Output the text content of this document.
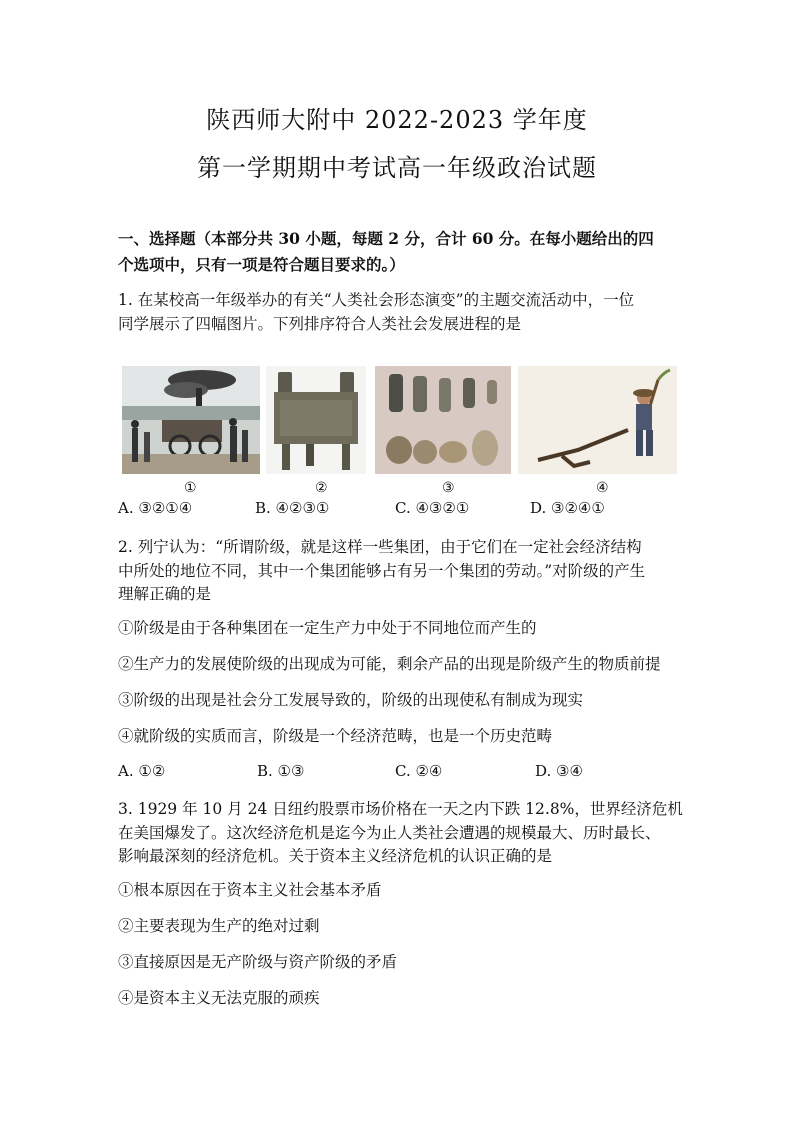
陕西师大附中 2022-2023 学年度
第一学期期中考试高一年级政治试题
一、选择题（本部分共 30 小题，每题 2 分，合计 60 分。在每小题给出的四
个选项中，只有一项是符合题目要求的。）
1. 在某校高一年级举办的有关“人类社会形态演变”的主题交流活动中，一位
同学展示了四幅图片。下列排序符合人类社会发展进程的是
①	②	③	④
A. ③②①④	B. ④②③①	C. ④③②①	D. ③②④①
2. 列宁认为：“所谓阶级，就是这样一些集团，由于它们在一定社会经济结构
中所处的地位不同，其中一个集团能够占有另一个集团的劳动。”对阶级的产生
理解正确的是
①阶级是由于各种集团在一定生产力中处于不同地位而产生的
②生产力的发展使阶级的出现成为可能，剩余产品的出现是阶级产生的物质前提
③阶级的出现是社会分工发展导致的，阶级的出现使私有制成为现实
④就阶级的实质而言，阶级是一个经济范畴，也是一个历史范畴
A. ①②	B. ①③	C. ②④	D. ③④
3. 1929 年 10 月 24 日纽约股票市场价格在一天之内下跌 12.8%，世界经济危机
在美国爆发了。这次经济危机是迄今为止人类社会遭遇的规模最大、历时最长、
影响最深刻的经济危机。关于资本主义经济危机的认识正确的是
①根本原因在于资本主义社会基本矛盾
②主要表现为生产的绝对过剩
③直接原因是无产阶级与资产阶级的矛盾
④是资本主义无法克服的顽疾
